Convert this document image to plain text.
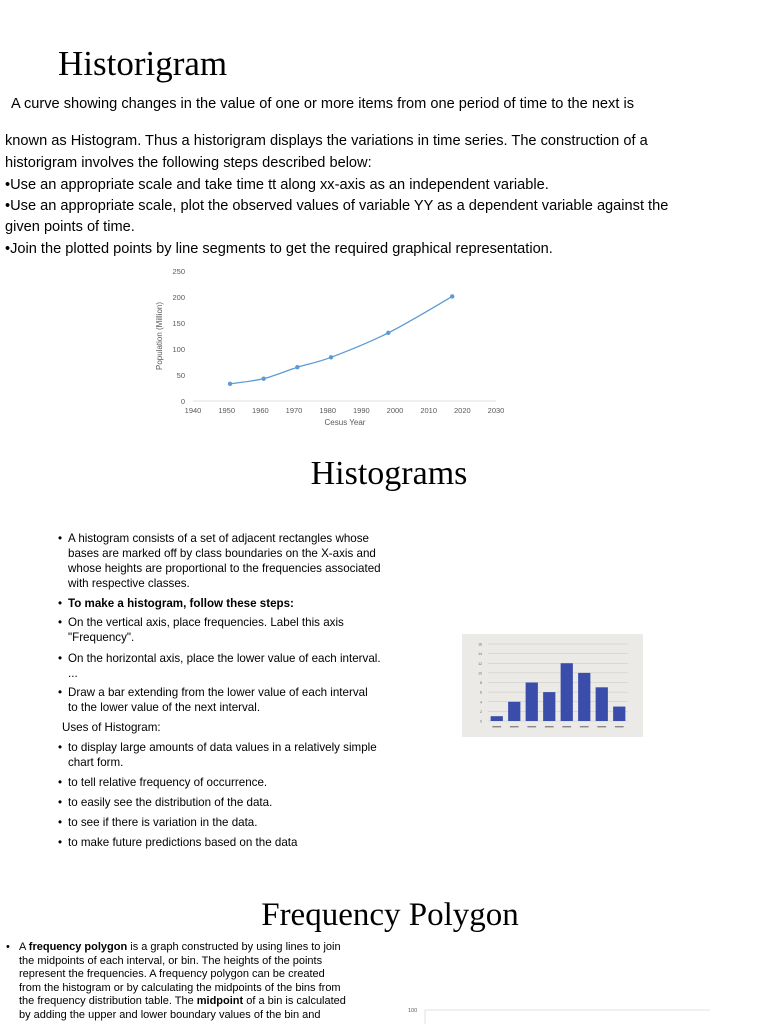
Historigram
A curve showing changes in the value of one or more items from one period of time to the next is
known as Histogram. Thus a historigram displays the variations in time series. The construction of a
historigram involves the following steps described below:
•Use an appropriate scale and take time tt along xx-axis as an independent variable.
•Use an appropriate scale, plot the observed values of variable YY as a dependent variable against the
given points of time.
•Join the plotted points by line segments to get the required graphical representation.
0
50
100
150
200
250
1940 1950 1960 1970 1980 1990 2000 2010 2020 2030
Cesus Year
Population (Million)
Histograms
• A histogram consists of a set of adjacent rectangles whose
bases are marked off by class boundaries on the X-axis and
whose heights are proportional to the frequencies associated
with respective classes.
• To make a histogram, follow these steps:
• On the vertical axis, place frequencies. Label this axis
"Frequency".
• On the horizontal axis, place the lower value of each interval.
...
• Draw a bar extending from the lower value of each interval
to the lower value of the next interval.
Uses of Histogram:
• to display large amounts of data values in a relatively simple
chart form.
• to tell relative frequency of occurrence.
• to easily see the distribution of the data.
• to see if there is variation in the data.
• to make future predictions based on the data
0
2
4
6
8
10
12
14
16
Frequency Polygon
• A frequency polygon is a graph constructed by using lines to join
the midpoints of each interval, or bin. The heights of the points
represent the frequencies. A frequency polygon can be created
from the histogram or by calculating the midpoints of the bins from
the frequency distribution table. The midpoint of a bin is calculated
by adding the upper and lower boundary values of the bin and	100
